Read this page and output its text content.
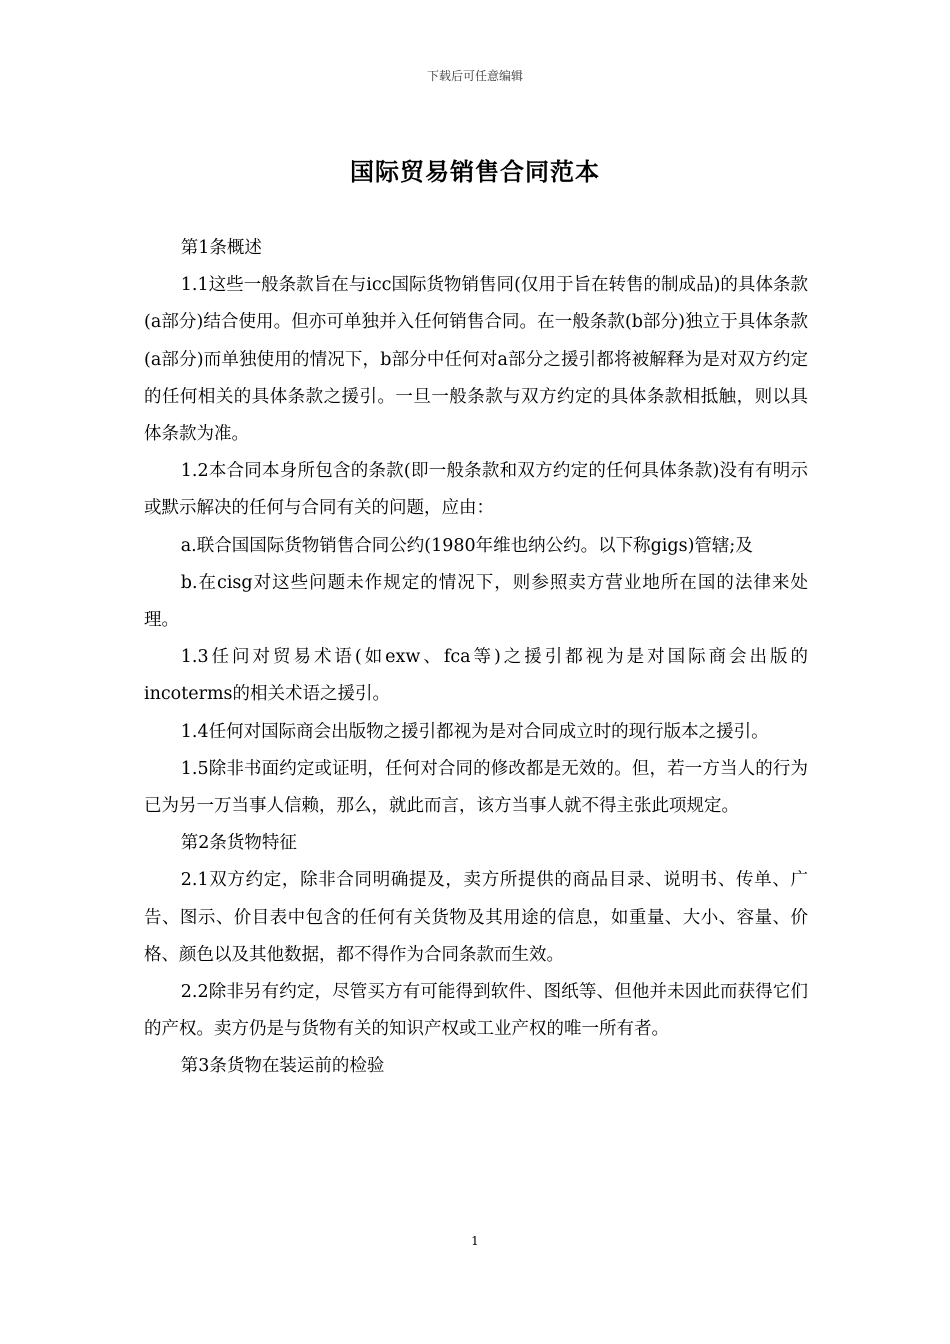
下载后可任意编辑
国际贸易销售合同范本

第1条概述

1.1这些一般条款旨在与icc国际货物销售同(仅用于旨在转售的制成品)的具体条款(a部分)结合使用。但亦可单独并入任何销售合同。在一般条款(b部分)独立于具体条款(a部分)而单独使用的情况下，b部分中任何对a部分之援引都将被解释为是对双方约定的任何相关的具体条款之援引。一旦一般条款与双方约定的具体条款相抵触，则以具体条款为准。

1.2本合同本身所包含的条款(即一般条款和双方约定的任何具体条款)没有有明示或默示解决的任何与合同有关的问题，应由：

a.联合国国际货物销售合同公约(1980年维也纳公约。以下称gigs)管辖;及

b.在cisg对这些问题未作规定的情况下，则参照卖方营业地所在国的法律来处理。

1.3任问对贸易术语(如exw、fca等)之援引都视为是对国际商会出版的incoterms的相关术语之援引。

1.4任何对国际商会出版物之援引都视为是对合同成立时的现行版本之援引。

1.5除非书面约定或证明，任何对合同的修改都是无效的。但，若一方当人的行为已为另一万当事人信赖，那么，就此而言，该方当事人就不得主张此项规定。

第2条货物特征

2.1双方约定，除非合同明确提及，卖方所提供的商品目录、说明书、传单、广告、图示、价目表中包含的任何有关货物及其用途的信息，如重量、大小、容量、价格、颜色以及其他数据，都不得作为合同条款而生效。

2.2除非另有约定，尽管买方有可能得到软件、图纸等、但他并未因此而获得它们的产权。卖方仍是与货物有关的知识产权或工业产权的唯一所有者。

第3条货物在装运前的检验

1
